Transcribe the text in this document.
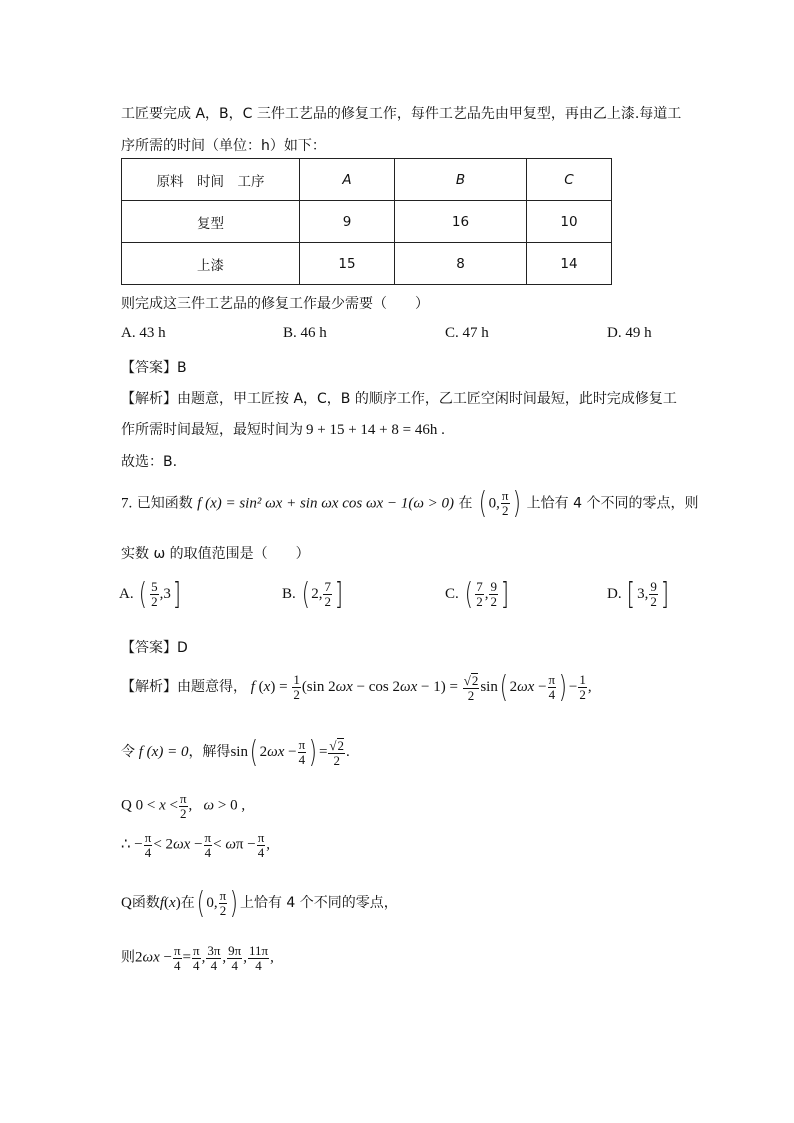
工匠要完成 A，B，C 三件工艺品的修复工作，每件工艺品先由甲复型，再由乙上漆.每道工
序所需的时间（单位：h）如下：
原料　时间　工序	A	B	C
复型	9	16	10
上漆	15	8	14
则完成这三件工艺品的修复工作最少需要（　　）
A. 43 h	B. 46 h	C. 47 h	D. 49 h
【答案】B
【解析】由题意，甲工匠按 A，C，B 的顺序工作，乙工匠空闲时间最短，此时完成修复工
作所需时间最短，最短时间为 9 + 15 + 14 + 8 = 46h .
故选：B.
7. 已知函数 f (x) = sin² ωx + sin ωx cos ωx − 1(ω > 0) 在 ( 0, $\frac{\pi}{2}$ ) 上恰有 4 个不同的零点，则
实数 ω 的取值范围是（　　）
A. ( $\frac{5}{2} ,3$]	B. ( 2, $\frac{7}{2}$ ]	C. ( $\frac{7}{2}$ , $\frac{9}{2}$ ]	D. [ 3, $\frac{9}{2}$ ]
【答案】D
【解析】由题意得， f $(x) = \frac{1}{2} (\sin$ $2\omega x - \cos 2\omega x - 1) = \frac{√2}{2} \sin$( $2\omega x - \frac{\pi}{4}$ ) − $\frac{1}{2}$ ,
令 f (x) = 0，解得sin( $2\omega x - \frac{\pi}{4}$ ) = $\frac{√2}{2}$ .
Q $0 < x < \frac{\pi}{2}$ ,   ω > 0 ,
∴ − $\frac{\pi}{4} < 2\omega x - \frac{\pi}{4} < \omega\pi - \frac{\pi}{4}$ ,
Q函数f(x)在( 0, $\frac{\pi}{2}$ ) 上恰有 4 个不同的零点，
则$2\omega x - \frac{\pi}{4} = \frac{\pi}{4}$ , $\frac{3\pi}{4}$ , $\frac{9\pi}{4}$ , $\frac{11\pi}{4}$ ,
